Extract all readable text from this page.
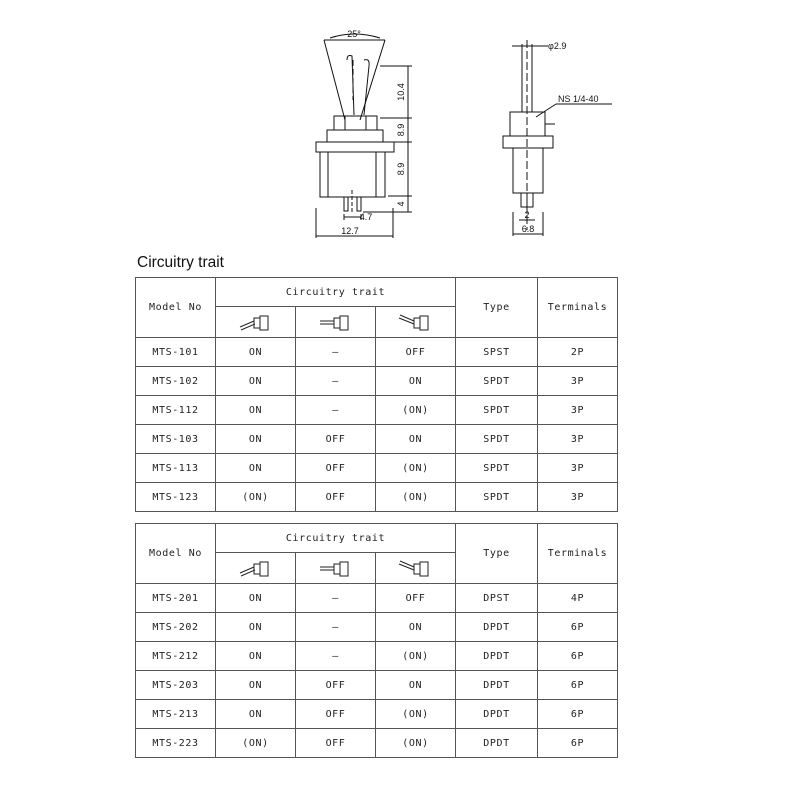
25°
10.4
8.9
8.9
4
4.7
12.7
φ2.9
NS 1/4-40
2
6.8
Circuitry trait
Model No	Circuitry trait			Type	Terminals

MTS-101	ON	—	OFF	SPST	2P
MTS-102	ON	—	ON	SPDT	3P
MTS-112	ON	—	(ON)	SPDT	3P
MTS-103	ON	OFF	ON	SPDT	3P
MTS-113	ON	OFF	(ON)	SPDT	3P
MTS-123	(ON)	OFF	(ON)	SPDT	3P
Model No	Circuitry trait			Type	Terminals

MTS-201	ON	—	OFF	DPST	4P
MTS-202	ON	—	ON	DPDT	6P
MTS-212	ON	—	(ON)	DPDT	6P
MTS-203	ON	OFF	ON	DPDT	6P
MTS-213	ON	OFF	(ON)	DPDT	6P
MTS-223	(ON)	OFF	(ON)	DPDT	6P
